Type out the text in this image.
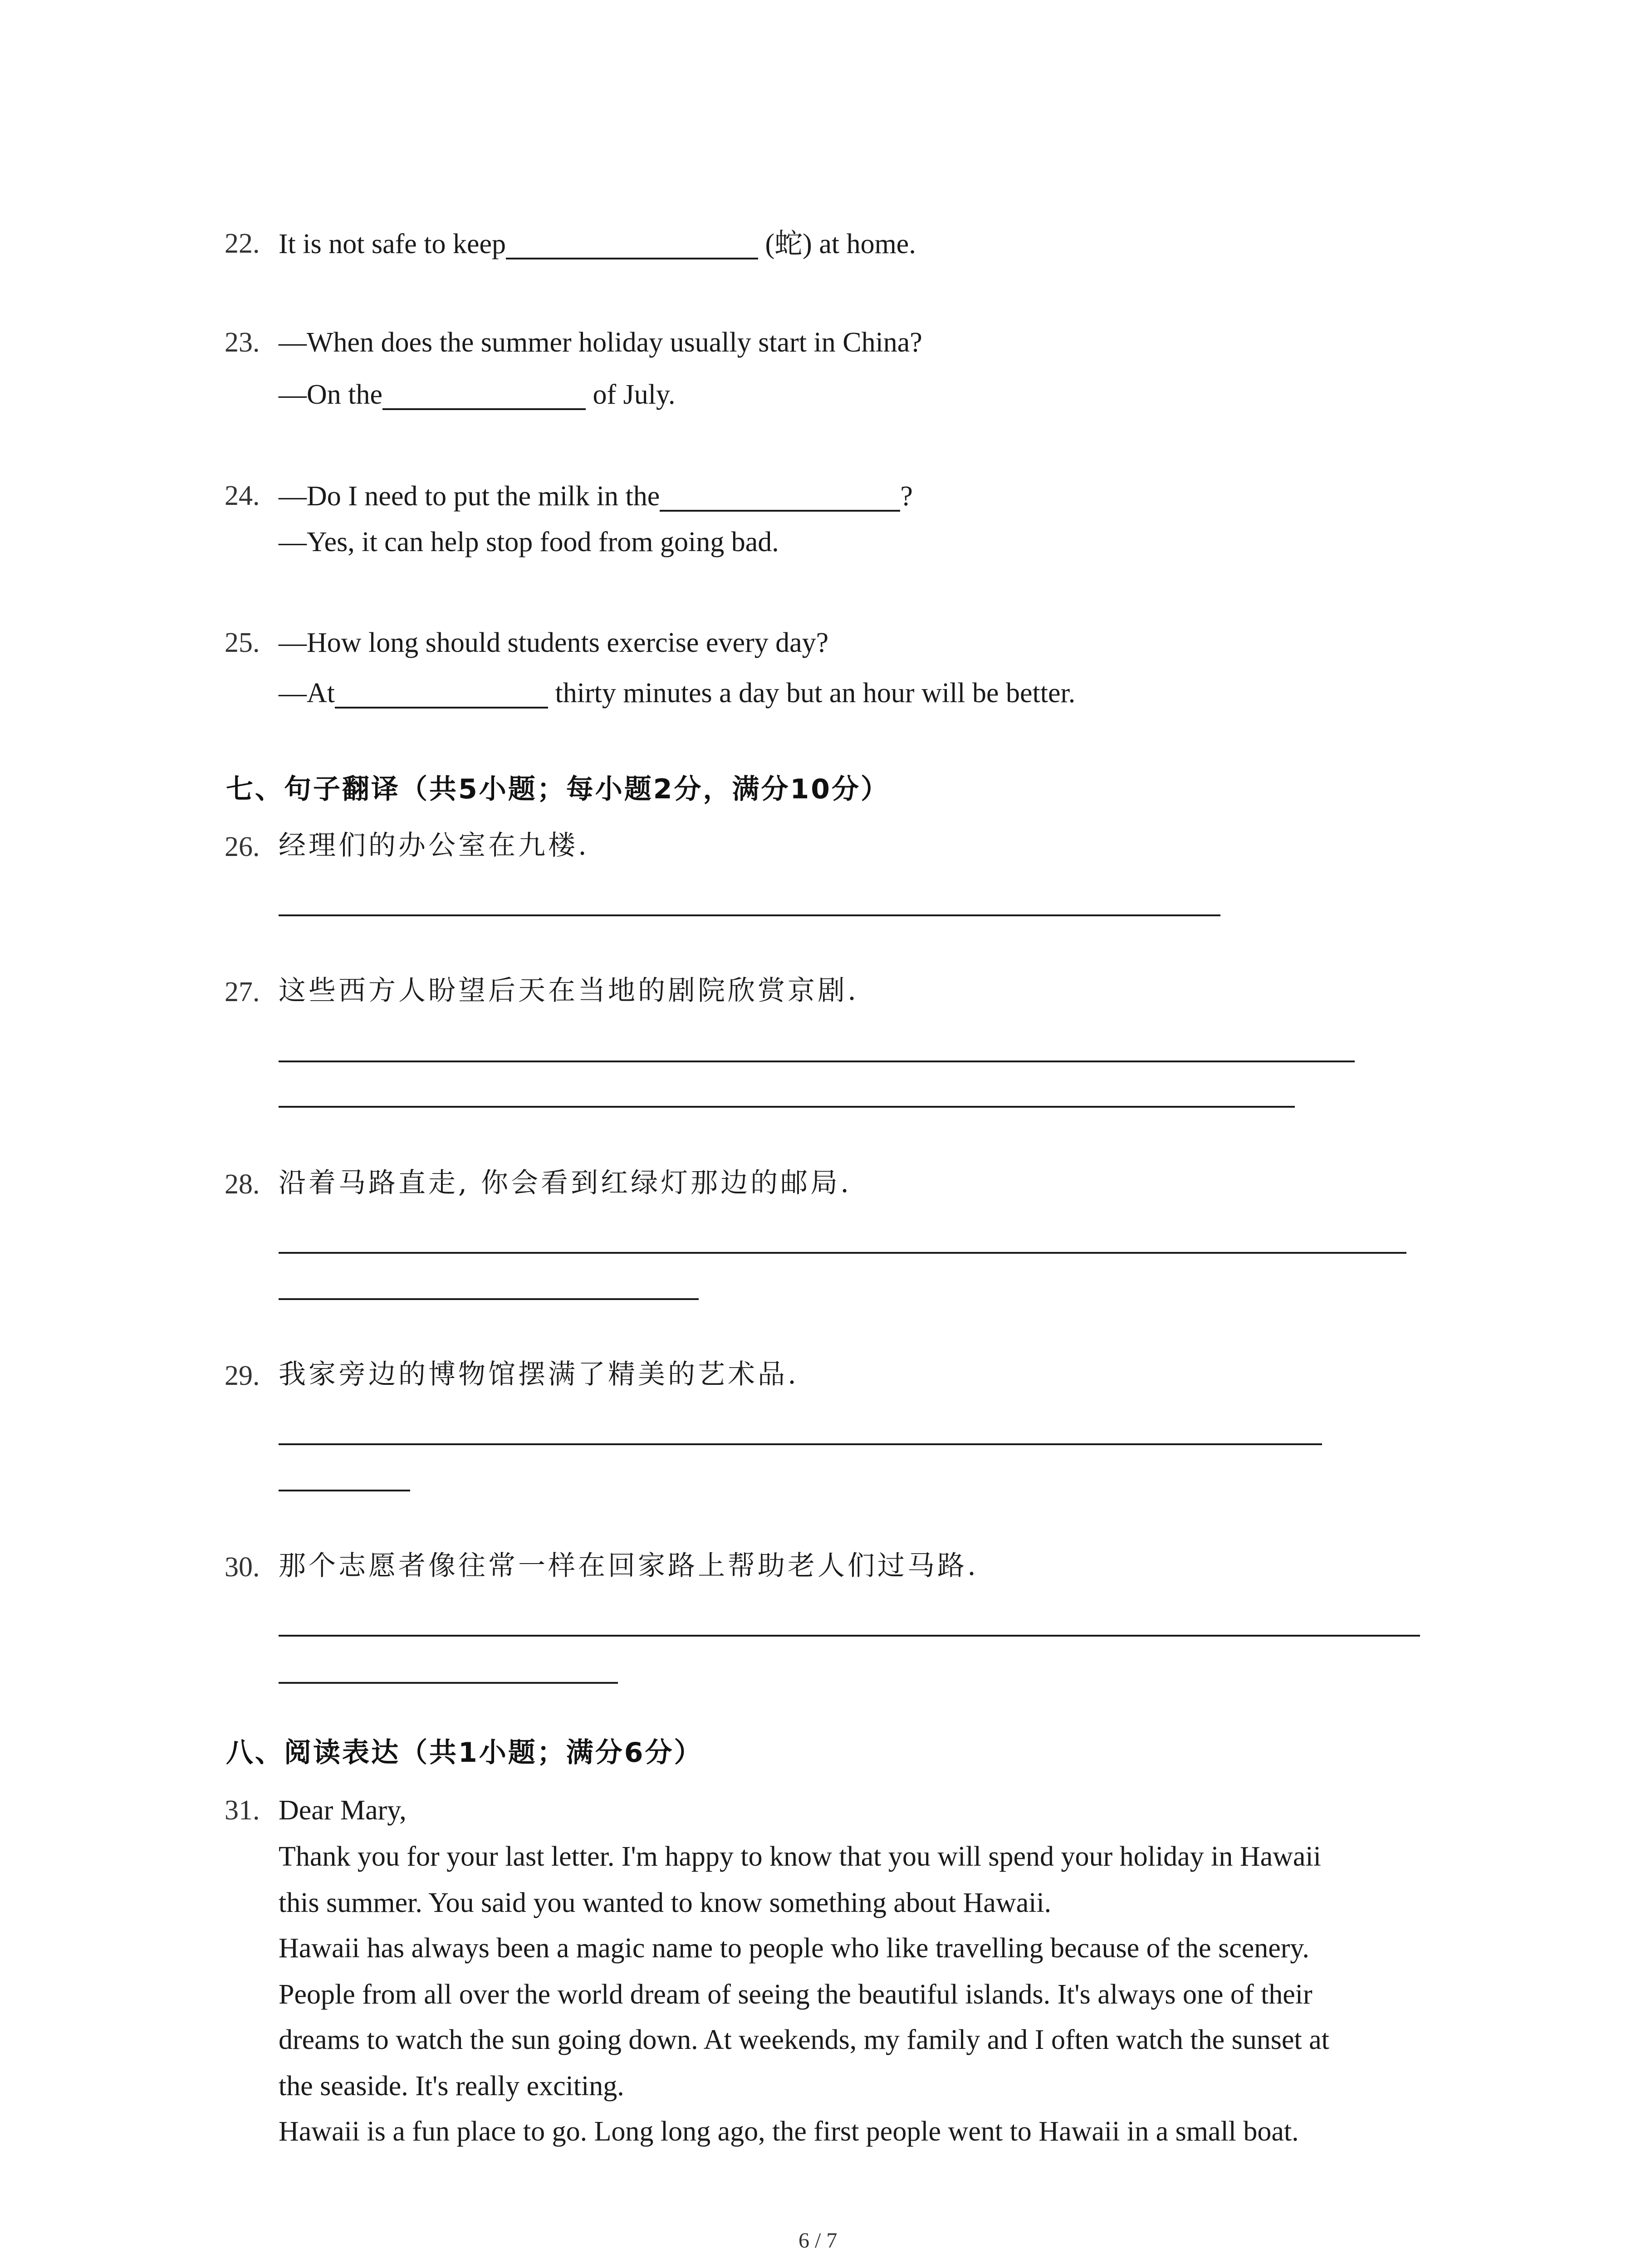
22. It is not safe to keep	(蛇) at home.
23. —When does the summer holiday usually start in China?
—On the	of July.
24. —Do I need to put the milk in the	?
—Yes, it can help stop food from going bad.
25. —How long should students exercise every day?
—At	thirty minutes a day but an hour will be better.
七、句子翻译（共5小题；每小题2分，满分10分）
26. 经理们的办公室在九楼.
27. 这些西方人盼望后天在当地的剧院欣赏京剧.
28. 沿着马路直走, 你会看到红绿灯那边的邮局.
29. 我家旁边的博物馆摆满了精美的艺术品.
30. 那个志愿者像往常一样在回家路上帮助老人们过马路.
八、阅读表达（共1小题；满分6分）
31. Dear Mary,
Thank you for your last letter. I'm happy to know that you will spend your holiday in Hawaii
this summer. You said you wanted to know something about Hawaii.
Hawaii has always been a magic name to people who like travelling because of the scenery.
People from all over the world dream of seeing the beautiful islands. It's always one of their
dreams to watch the sun going down. At weekends, my family and I often watch the sunset at
the seaside. It's really exciting.
Hawaii is a fun place to go. Long long ago, the first people went to Hawaii in a small boat.
6 / 7
